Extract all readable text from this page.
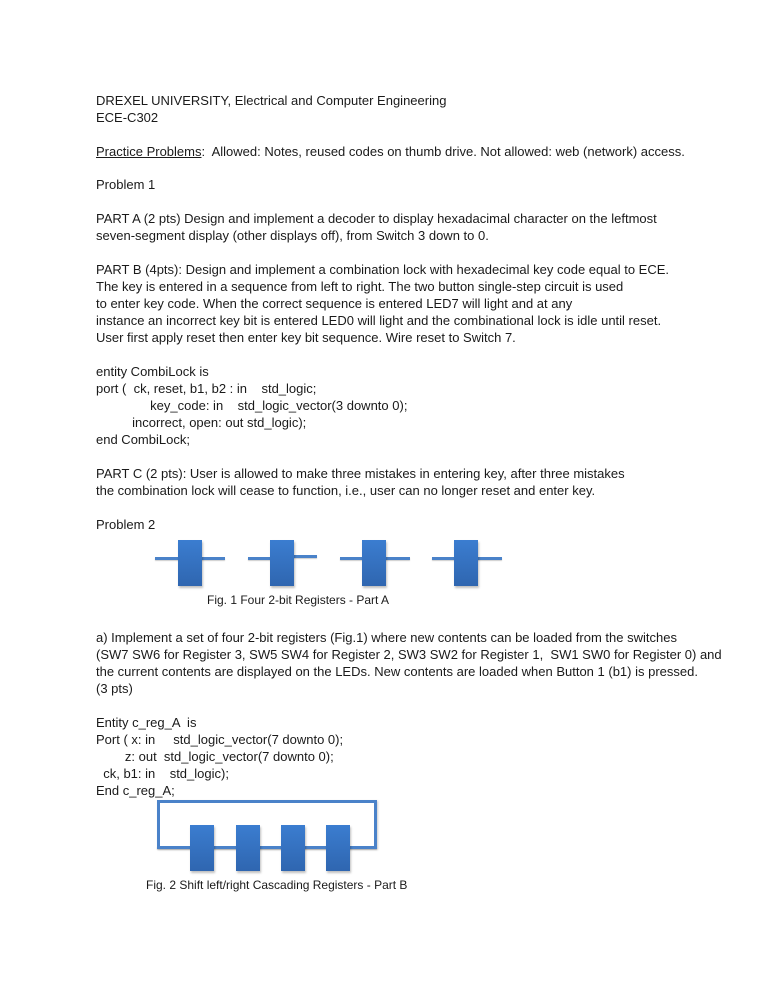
DREXEL UNIVERSITY, Electrical and Computer Engineering
ECE-C302
Practice Problems:  Allowed: Notes, reused codes on thumb drive. Not allowed: web (network) access.
Problem 1
PART A (2 pts) Design and implement a decoder to display hexadacimal character on the leftmost
seven-segment display (other displays off), from Switch 3 down to 0.
PART B (4pts): Design and implement a combination lock with hexadecimal key code equal to ECE.
The key is entered in a sequence from left to right. The two button single-step circuit is used
to enter key code. When the correct sequence is entered LED7 will light and at any
instance an incorrect key bit is entered LED0 will light and the combinational lock is idle until reset.
User first apply reset then enter key bit sequence. Wire reset to Switch 7.
entity CombiLock is
port (  ck, reset, b1, b2 : in    std_logic;
key_code: in    std_logic_vector(3 downto 0);
incorrect, open: out std_logic);
end CombiLock;
PART C (2 pts): User is allowed to make three mistakes in entering key, after three mistakes
the combination lock will cease to function, i.e., user can no longer reset and enter key.
Problem 2
Fig. 1 Four 2-bit Registers - Part A
a) Implement a set of four 2-bit registers (Fig.1) where new contents can be loaded from the switches
(SW7 SW6 for Register 3, SW5 SW4 for Register 2, SW3 SW2 for Register 1,  SW1 SW0 for Register 0) and
the current contents are displayed on the LEDs. New contents are loaded when Button 1 (b1) is pressed.
(3 pts)
Entity c_reg_A  is
Port ( x: in     std_logic_vector(7 downto 0);
z: out  std_logic_vector(7 downto 0);
ck, b1: in    std_logic);
End c_reg_A;
Fig. 2 Shift left/right Cascading Registers - Part B
